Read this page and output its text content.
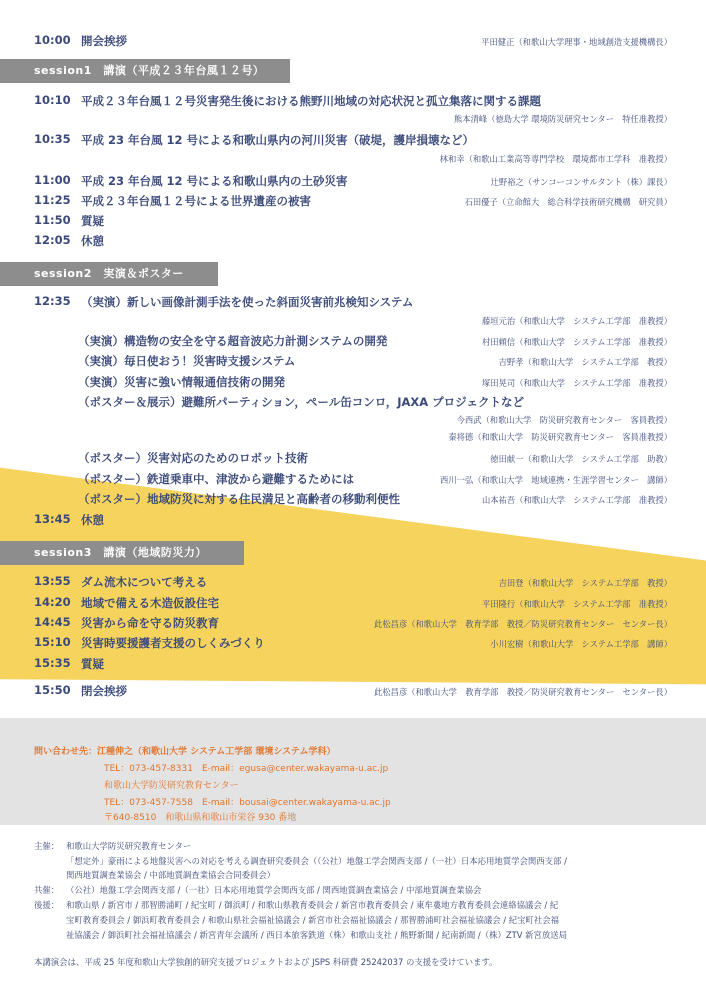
10:00 開会挨拶	平田健正（和歌山大学理事・地域創造支援機構長）
session1　講演（平成２３年台風１２号）
10:10 平成２３年台風１２号災害発生後における熊野川地域の対応状況と孤立集落に関する課題
熊本清峰（徳島大学 環境防災研究センター　特任准教授）
10:35 平成 23 年台風 12 号による和歌山県内の河川災害（破堤，護岸損壊など）
林和幸（和歌山工業高等専門学校　環境都市工学科　准教授）
11:00 平成 23 年台風 12 号による和歌山県内の土砂災害	辻野裕之（サンコーコンサルタント（株）課長）
11:25 平成２３年台風１２号による世界遺産の被害	石田優子（立命館大　総合科学技術研究機構　研究員）
11:50 質疑
12:05 休憩
session2　実演＆ポスター
12:35 （実演）新しい画像計測手法を使った斜面災害前兆検知システム
藤垣元治（和歌山大学　システム工学部　准教授）
（実演）構造物の安全を守る超音波応力計測システムの開発	村田頼信（和歌山大学　システム工学部　准教授）
（実演）毎日使おう！災害時支援システム	吉野孝（和歌山大学　システム工学部　教授）
（実演）災害に強い情報通信技術の開発	塚田晃司（和歌山大学　システム工学部　准教授）
（ポスター＆展示）避難所パーティション，ペール缶コンロ，JAXA プロジェクトなど
今西武（和歌山大学　防災研究教育センター　客員教授）
秦将德（和歌山大学　防災研究教育センター　客員准教授）
（ポスター）災害対応のためのロボット技術	徳田献一（和歌山大学　システム工学部　助教）
（ポスター）鉄道乗車中、津波から避難するためには	西川一弘（和歌山大学　地域連携・生涯学習センター　講師）
（ポスター）地域防災に対する住民満足と高齢者の移動利便性	山本祐吾（和歌山大学　システム工学部　准教授）
13:45 休憩
session3　講演（地域防災力）
13:55 ダム流木について考える	吉田登（和歌山大学　システム工学部　教授）
14:20 地域で備える木造仮設住宅	平田隆行（和歌山大学　システム工学部　准教授）
14:45 災害から命を守る防災教育	此松昌彦（和歌山大学　教育学部　教授／防災研究教育センター　センター長）
15:10 災害時要援護者支援のしくみづくり	小川宏樹（和歌山大学　システム工学部　講師）
15:35 質疑
15:50 閉会挨拶	此松昌彦（和歌山大学　教育学部　教授／防災研究教育センター　センター長）
問い合わせ先：江種伸之（和歌山大学 システム工学部 環境システム学科）
TEL：073-457-8331　E-mail：egusa@center.wakayama-u.ac.jp
和歌山大学防災研究教育センター
TEL：073-457-7558　E-mail：bousai@center.wakayama-u.ac.jp
〒640-8510　和歌山県和歌山市栄谷 930 番地
主催： 和歌山大学防災研究教育センター
「想定外」豪雨による地盤災害への対応を考える調査研究委員会（（公社）地盤工学会関西支部 /（一社）日本応用地質学会関西支部 /
関西地質調査業協会 / 中部地質調査業協会合同委員会）
共催： （公社）地盤工学会関西支部 /（一社）日本応用地質学会関西支部 / 関西地質調査業協会 / 中部地質調査業協会
後援： 和歌山県 / 新宮市 / 那智勝浦町 / 紀宝町 / 御浜町 / 和歌山県教育委員会 / 新宮市教育委員会 / 東牟婁地方教育委員会連絡協議会 / 紀
宝町教育委員会 / 御浜町教育委員会 / 和歌山県社会福祉協議会 / 新宮市社会福祉協議会 / 那智勝浦町社会福祉協議会 / 紀宝町社会福
祉協議会 / 御浜町社会福祉協議会 / 新宮青年会議所 / 西日本旅客鉄道（株）和歌山支社 / 熊野新聞 / 紀南新聞 /（株）ZTV 新宮放送局
本講演会は、平成 25 年度和歌山大学独創的研究支援プロジェクトおよび JSPS 科研費 25242037 の支援を受けています。
